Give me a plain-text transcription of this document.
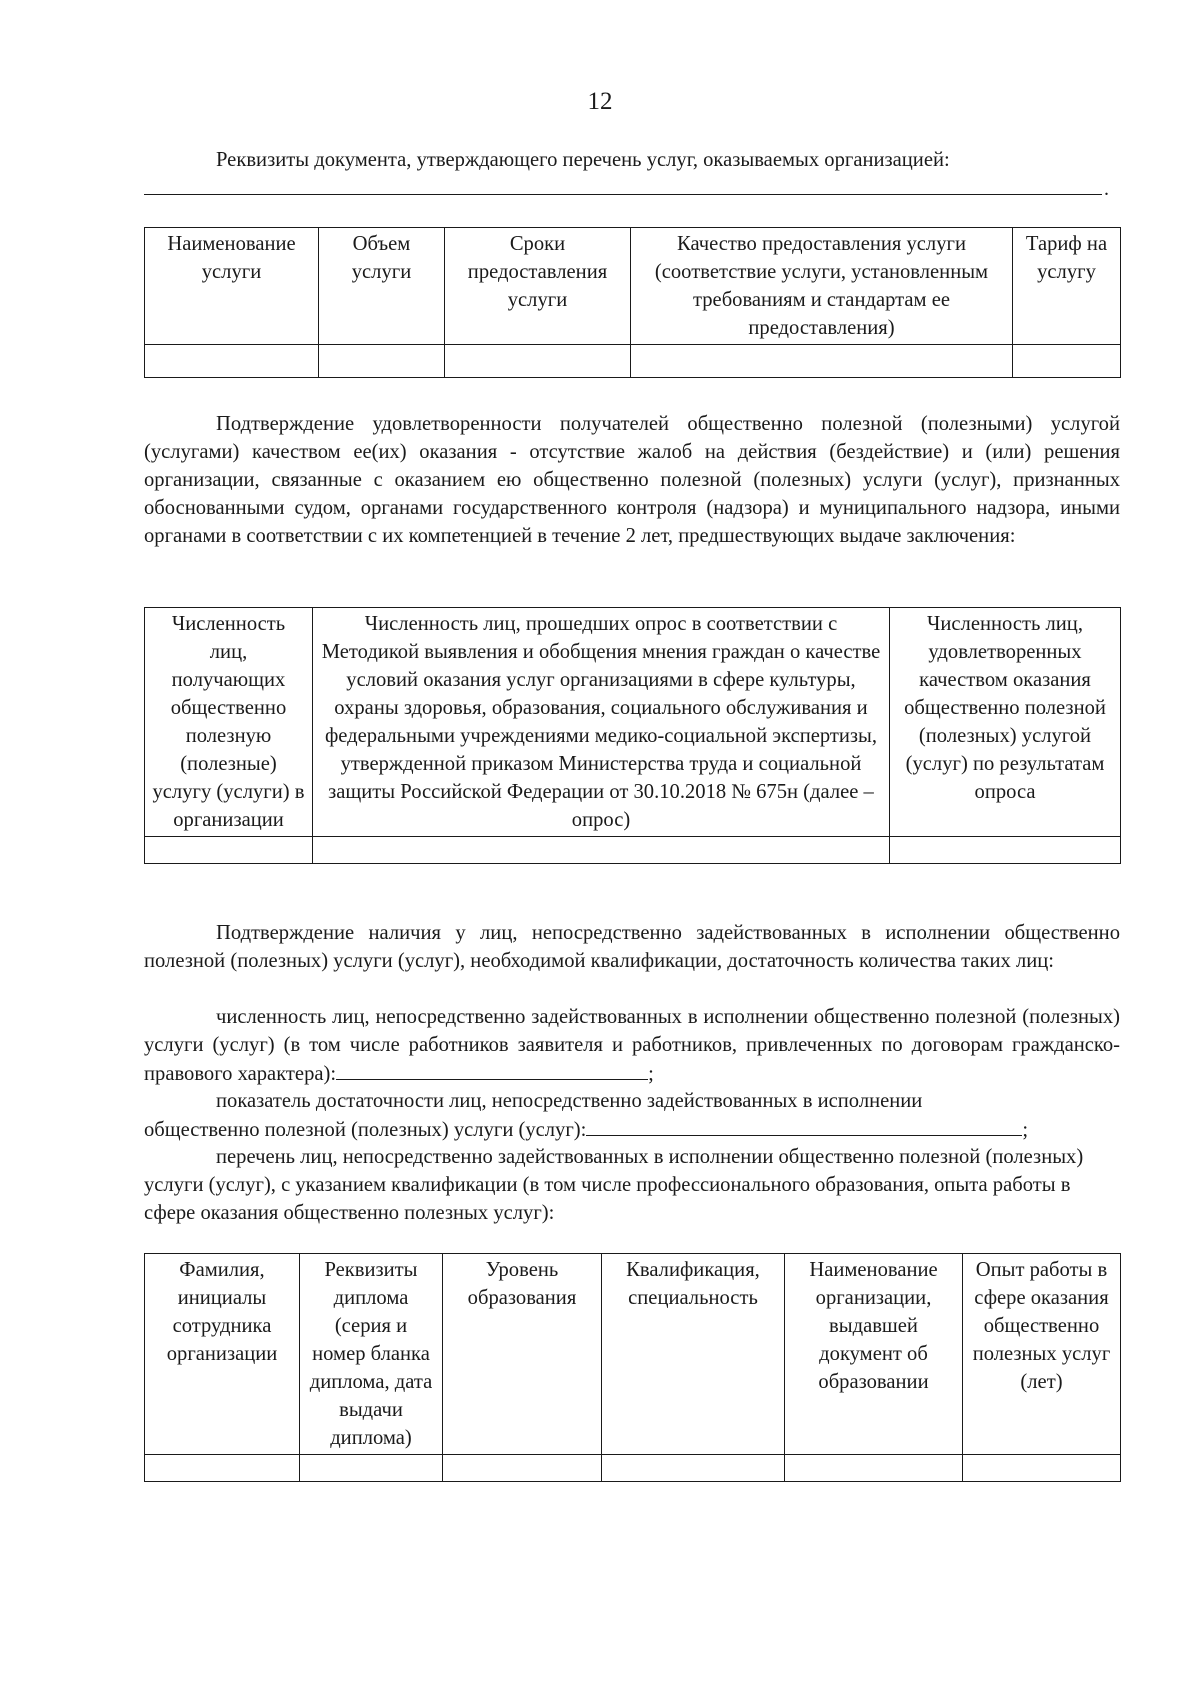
12

Реквизиты документа, утверждающего перечень услуг, оказываемых организацией:

.
Наименование услуги	Объем услуги	Сроки предоставления услуги	Качество предоставления услуги (соответствие услуги, установленным требованиям и стандартам ее предоставления)	Тариф на услугу

Подтверждение удовлетворенности получателей общественно полезной (полезными) услугой (услугами) качеством ее(их) оказания - отсутствие жалоб на действия (бездействие) и (или) решения организации, связанные с оказанием ею общественно полезной (полезных) услуги (услуг), признанных обоснованными судом, органами государственного контроля (надзора) и муниципального надзора, иными органами в соответствии с их компетенцией в течение 2 лет, предшествующих выдаче заключения:

Численность лиц, получающих общественно полезную (полезные) услугу (услуги) в организации	Численность лиц, прошедших опрос в соответствии с Методикой выявления и обобщения мнения граждан о качестве условий оказания услуг организациями в сфере культуры, охраны здоровья, образования, социального обслуживания и федеральными учреждениями медико-социальной экспертизы, утвержденной приказом Министерства труда и социальной защиты Российской Федерации от 30.10.2018 № 675н (далее – опрос)	Численность лиц, удовлетворенных качеством оказания общественно полезной (полезных) услугой (услуг) по результатам опроса

Подтверждение наличия у лиц, непосредственно задействованных в исполнении общественно полезной (полезных) услуги (услуг), необходимой квалификации, достаточность количества таких лиц:

численность лиц, непосредственно задействованных в исполнении общественно полезной (полезных) услуги (услуг) (в том числе работников заявителя и работников, привлеченных по договорам гражданско-правового характера):	;

показатель достаточности лиц, непосредственно задействованных в исполнении
общественно полезной (полезных) услуги (услуг):	;

перечень лиц, непосредственно задействованных в исполнении общественно полезной (полезных) услуги (услуг), с указанием квалификации (в том числе профессионального образования, опыта работы в сфере оказания общественно полезных услуг):

Фамилия, инициалы сотрудника организации	Реквизиты диплома (серия и номер бланка диплома, дата выдачи диплома)	Уровень образования	Квалификация, специальность	Наименование организации, выдавшей документ об образовании	Опыт работы в сфере оказания общественно полезных услуг (лет)
